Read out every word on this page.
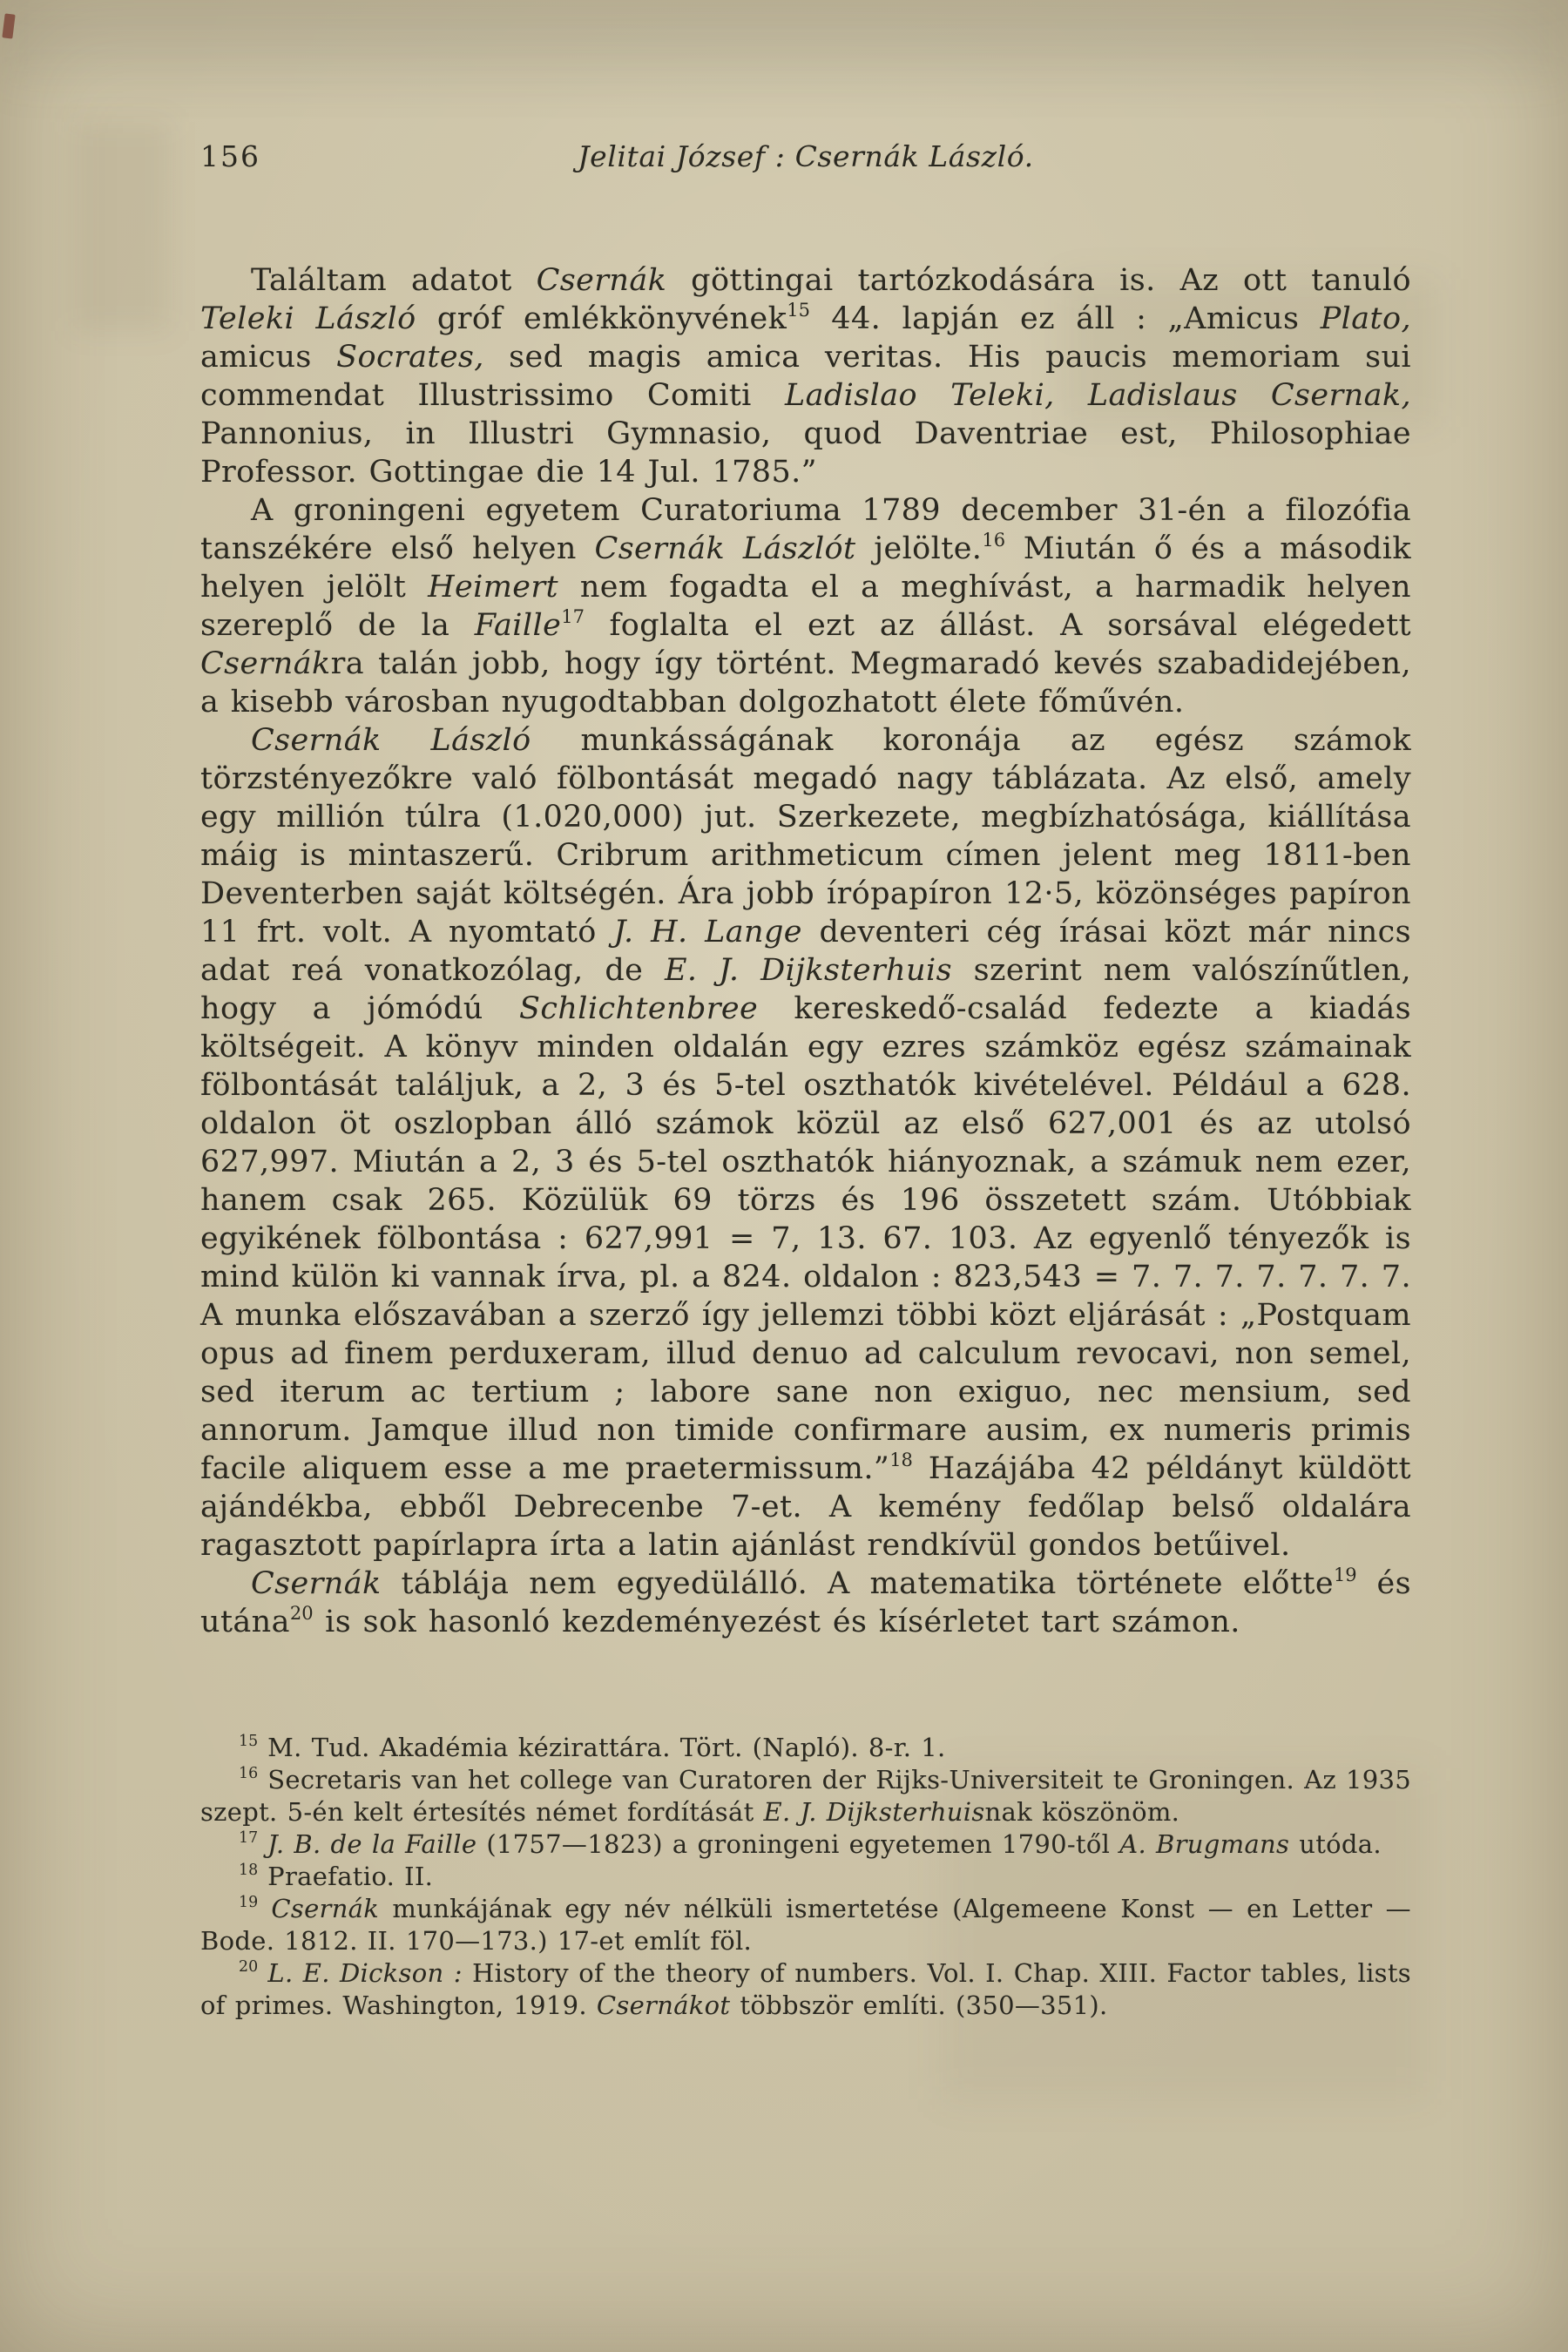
156	Jelitai József : Csernák László.

Találtam adatot Csernák göttingai tartózkodására is. Az ott tanuló Teleki László gróf emlékkönyvének$^{15}$ 44. lapján ez áll : „Amicus Plato, amicus Socrates, sed magis amica veritas. His paucis memoriam sui commendat Illustrissimo Comiti Ladislao Teleki, Ladislaus Csernak, Pannonius, in Illustri Gymnasio, quod Daventriae est, Philosophiae Professor. Gottingae die 14 Jul. 1785.”

A groningeni egyetem Curatoriuma 1789 december 31-én a filozófia tanszékére első helyen Csernák Lászlót jelölte.$^{16}$ Miután ő és a második helyen jelölt Heimert nem fogadta el a meghívást, a harmadik helyen szereplő de la Faille$^{17}$ foglalta el ezt az állást. A sorsával elégedett Csernákra talán jobb, hogy így történt. Megmaradó kevés szabadidejében, a kisebb városban nyugodtabban dolgozhatott élete főművén.

Csernák László munkásságának koronája az egész számok törzstényezőkre való fölbontását megadó nagy táblázata. Az első, amely egy millión túlra (1.020,000) jut. Szerkezete, megbízhatósága, kiállítása máig is mintaszerű. Cribrum arithmeticum címen jelent meg 1811-ben Deventerben saját költségén. Ára jobb írópapíron 12·5, közönséges papíron 11 frt. volt. A nyomtató J. H. Lange deventeri cég írásai közt már nincs adat reá vonatkozólag, de E. J. Dijksterhuis szerint nem valószínűtlen, hogy a jómódú Schlichtenbree kereskedő-család fedezte a kiadás költségeit. A könyv minden oldalán egy ezres számköz egész számainak fölbontását találjuk, a 2, 3 és 5-tel oszthatók kivételével. Például a 628. oldalon öt oszlopban álló számok közül az első 627,001 és az utolsó 627,997. Miután a 2, 3 és 5-tel oszthatók hiányoznak, a számuk nem ezer, hanem csak 265. Közülük 69 törzs és 196 összetett szám. Utóbbiak egyikének fölbontása : 627,991 = 7, 13. 67. 103. Az egyenlő tényezők is mind külön ki vannak írva, pl. a 824. oldalon : 823,543 = 7. 7. 7. 7. 7. 7. 7. A munka előszavában a szerző így jellemzi többi közt eljárását : „Postquam opus ad finem perduxeram, illud denuo ad calculum revocavi, non semel, sed iterum ac tertium ; labore sane non exiguo, nec mensium, sed annorum. Jamque illud non timide confirmare ausim, ex numeris primis facile aliquem esse a me praetermissum.”$^{18}$ Hazájába 42 példányt küldött ajándékba, ebből Debrecenbe 7-et. A kemény fedőlap belső oldalára ragasztott papírlapra írta a latin ajánlást rendkívül gondos betűivel.

Csernák táblája nem egyedülálló. A matematika története előtte$^{19}$ és utána$^{20}$ is sok hasonló kezdeményezést és kísérletet tart számon.

$^{15}$ M. Tud. Akadémia kézirattára. Tört. (Napló). 8-r. 1.

$^{16}$ Secretaris van het college van Curatoren der Rijks-Universiteit te Groningen. Az 1935 szept. 5-én kelt értesítés német fordítását E. J. Dijksterhuisnak köszönöm.

$^{17}$ J. B. de la Faille (1757—1823) a groningeni egyetemen 1790-től A. Brugmans utóda.

$^{18}$ Praefatio. II.

$^{19}$ Csernák munkájának egy név nélküli ismertetése (Algemeene Konst — en Letter — Bode. 1812. II. 170—173.) 17-et említ föl.

$^{20}$ L. E. Dickson : History of the theory of numbers. Vol. I. Chap. XIII. Factor tables, lists of primes. Washington, 1919. Csernákot többször említi. (350—351).
